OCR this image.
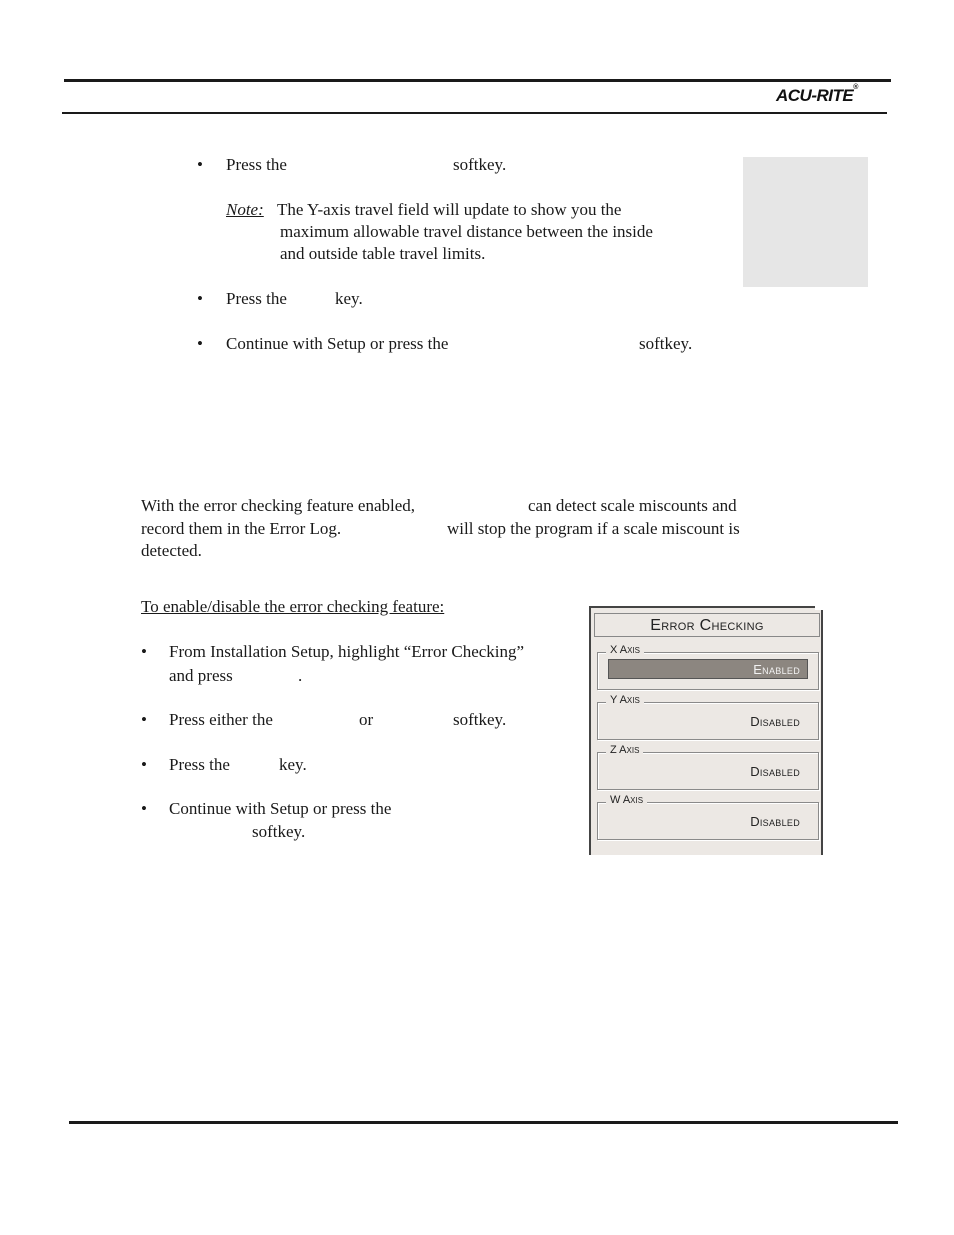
ACU-RITE®
• Press the	softkey.
Note: The Y-axis travel field will update to show you the
maximum allowable travel distance between the inside
and outside table travel limits.
• Press the	key.
• Continue with Setup or press the	softkey.
With the error checking feature enabled,	can detect scale miscounts and
record them in the Error Log.	will stop the program if a scale miscount is
detected.
To enable/disable the error checking feature:
• From Installation Setup, highlight “Error Checking”
and press	.
• Press either the	or	softkey.
• Press the	key.
• Continue with Setup or press the
softkey.
Error Checking
X Axis
Enabled
Y Axis
Disabled
Z Axis
Disabled
W Axis
Disabled
